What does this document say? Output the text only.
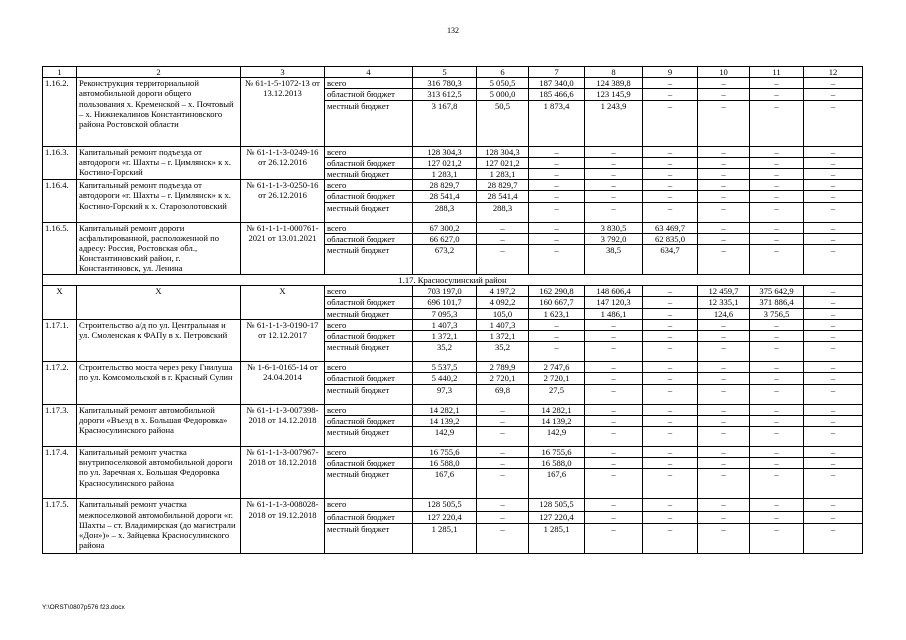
132
1	2	3	4	5	6	7	8	9	10	11	12
1.16.2.	Реконструкция территориальной автомобильной дороги общего пользования х. Кременской – х. Почтовый – х. Нижнекалинов Константиновского района Ростовской области	№ 61-1-5-1072-13 от 13.12.2013	всего	316 780,3	5 050,5	187 340,0	124 389,8	–	–	–	–
			областной бюджет	313 612,5	5 000,0	185 466,6	123 145,9	–	–	–	–
			местный бюджет	3 167,8	50,5	1 873,4	1 243,9	–	–	–	–
1.16.3.	Капитальный ремонт подъезда от автодороги «г. Шахты – г. Цимлянск» к х. Костино-Горский	№ 61-1-1-3-0249-16 от 26.12.2016	всего	128 304,3	128 304,3	–	–	–	–	–	–
			областной бюджет	127 021,2	127 021,2	–	–	–	–	–	–
			местный бюджет	1 283,1	1 283,1	–	–	–	–	–	–
1.16.4.	Капитальный ремонт подъезда от автодороги «г. Шахты – г. Цимлянск» к х. Костино-Горский к х. Старозолотовский	№ 61-1-1-3-0250-16 от 26.12.2016	всего	28 829,7	28 829,7	–	–	–	–	–	–
			областной бюджет	28 541,4	28 541,4	–	–	–	–	–	–
			местный бюджет	288,3	288,3	–	–	–	–	–	–
1.16.5.	Капитальный ремонт дороги асфальтированной, расположенной по адресу: Россия, Ростовская обл., Константиновский район, г. Константиновск, ул. Ленина	№ 61-1-1-1-000761-2021 от 13.01.2021	всего	67 300,2	–	–	3 830,5	63 469,7	–	–	–
			областной бюджет	66 627,0	–	–	3 792,0	62 835,0	–	–	–
			местный бюджет	673,2	–	–	38,5	634,7	–	–	–
1.17. Красносулинский район											
Х	Х	Х	всего	703 197,0	4 197,2	162 290,8	148 606,4	–	12 459,7	375 642,9	–
			областной бюджет	696 101,7	4 092,2	160 667,7	147 120,3	–	12 335,1	371 886,4	–
			местный бюджет	7 095,3	105,0	1 623,1	1 486,1	–	124,6	3 756,5	–
1.17.1.	Строительство а/д по ул. Центральная и ул. Смоленская к ФАПу в х. Петровский	№ 61-1-1-3-0190-17 от 12.12.2017	всего	1 407,3	1 407,3	–	–	–	–	–	–
			областной бюджет	1 372,1	1 372,1	–	–	–	–	–	–
			местный бюджет	35,2	35,2	–	–	–	–	–	–
1.17.2.	Строительство моста через реку Гнилуша по ул. Комсомольской в г. Красный Сулин	№ 1-6-1-0165-14 от 24.04.2014	всего	5 537,5	2 789,9	2 747,6	–	–	–	–	–
			областной бюджет	5 440,2	2 720,1	2 720,1	–	–	–	–	–
			местный бюджет	97,3	69,8	27,5	–	–	–	–	–
1.17.3.	Капитальный ремонт автомобильной дороги «Въезд в х. Большая Федоровка» Красносулинского района	№ 61-1-1-3-007398-2018 от 14.12.2018	всего	14 282,1	–	14 282,1	–	–	–	–	–
			областной бюджет	14 139,2	–	14 139,2	–	–	–	–	–
			местный бюджет	142,9	–	142,9	–	–	–	–	–
1.17.4.	Капитальный ремонт участка внутрипоселковой автомобильной дороги по ул. Заречная х. Большая Федоровка Красносулинского района	№ 61-1-1-3-007967-2018 от 18.12.2018	всего	16 755,6	–	16 755,6	–	–	–	–	–
			областной бюджет	16 588,0	–	16 588,0	–	–	–	–	–
			местный бюджет	167,6	–	167,6	–	–	–	–	–
1.17.5.	Капитальный ремонт участка межпоселковой автомобильной дороги «г. Шахты – ст. Владимирская (до магистрали «Дон»)» – х. Зайцевка Красносулинского района	№ 61-1-1-3-008028-2018 от 19.12.2018	всего	128 505,5	–	128 505,5	–	–	–	–	–
			областной бюджет	127 220,4	–	127 220,4	–	–	–	–	–
			местный бюджет	1 285,1	–	1 285,1	–	–	–	–	–
Y:\ORST\0807p576 f23.docx
